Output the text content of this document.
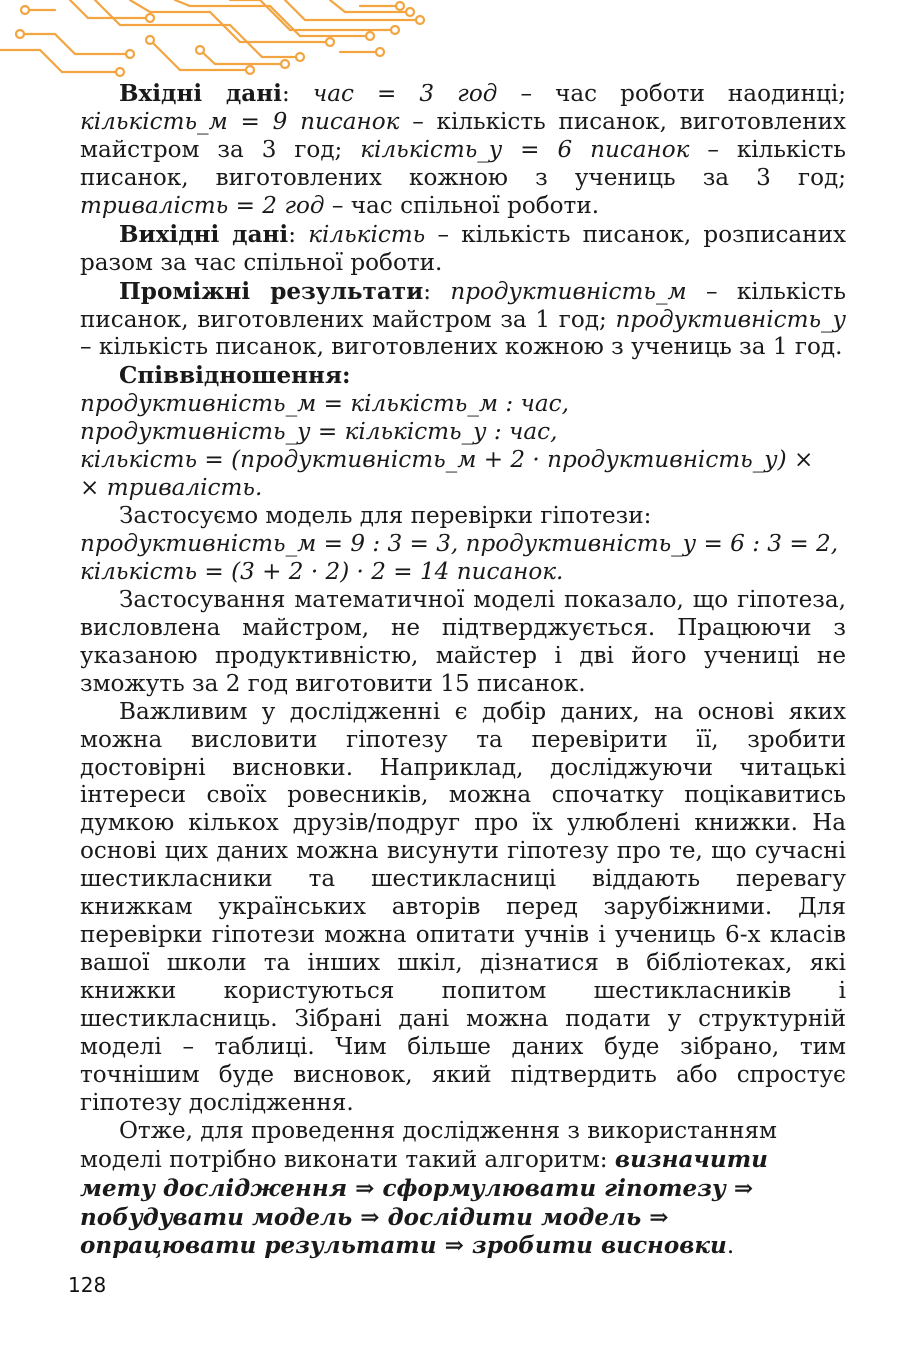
Вхідні дані: час = 3 год – час роботи наодинці; кількість_м = 9 писанок – кількість писанок, виготовлених майстром за 3 год; кількість_у = 6 писанок – кількість писанок, виготовлених кожною з учениць за 3 год; тривалість = 2 год – час спільної роботи.

Вихідні дані: кількість – кількість писанок, розписаних разом за час спільної роботи.

Проміжні результати: продуктивність_м – кількість писанок, виготовлених майстром за 1 год; продуктивність_у – кількість писанок, виготовлених кожною з учениць за 1 год.

Співвідношення:

продуктивність_м = кількість_м : час,

продуктивність_у = кількість_у : час,

кількість = (продуктивність_м + 2 · продуктивність_у) ×

× тривалість.

Застосуємо модель для перевірки гіпотези:

продуктивність_м = 9 : 3 = 3, продуктивність_у = 6 : 3 = 2,

кількість = (3 + 2 · 2) · 2 = 14 писанок.

Застосування математичної моделі показало, що гіпотеза, висловлена майстром, не підтверджується. Працюючи з указаною продуктивністю, майстер і дві його учениці не зможуть за 2 год виготовити 15 писанок.

Важливим у дослідженні є добір даних, на основі яких можна висловити гіпотезу та перевірити її, зробити достовірні висновки. Наприклад, досліджуючи читацькі інтереси своїх ровесників, можна спочатку поцікавитись думкою кількох друзів/подруг про їх улюблені книжки. На основі цих даних можна висунути гіпотезу про те, що сучасні шестикласники та шестикласниці віддають перевагу книжкам українських авторів перед зарубіжними. Для перевірки гіпотези можна опитати учнів і учениць 6-х класів вашої школи та інших шкіл, дізнатися в бібліотеках, які книжки користуються попитом шестикласників і шестикласниць. Зібрані дані можна подати у структурній моделі – таблиці. Чим більше даних буде зібрано, тим точнішим буде висновок, який підтвердить або спростує гіпотезу дослідження.

Отже, для проведення дослідження з використанням моделі потрібно виконати такий алгоритм: визначити мету дослідження ⇒ сформулювати гіпотезу ⇒ побудувати модель ⇒ дослідити модель ⇒ опрацювати результати ⇒ зробити висновки.

128
